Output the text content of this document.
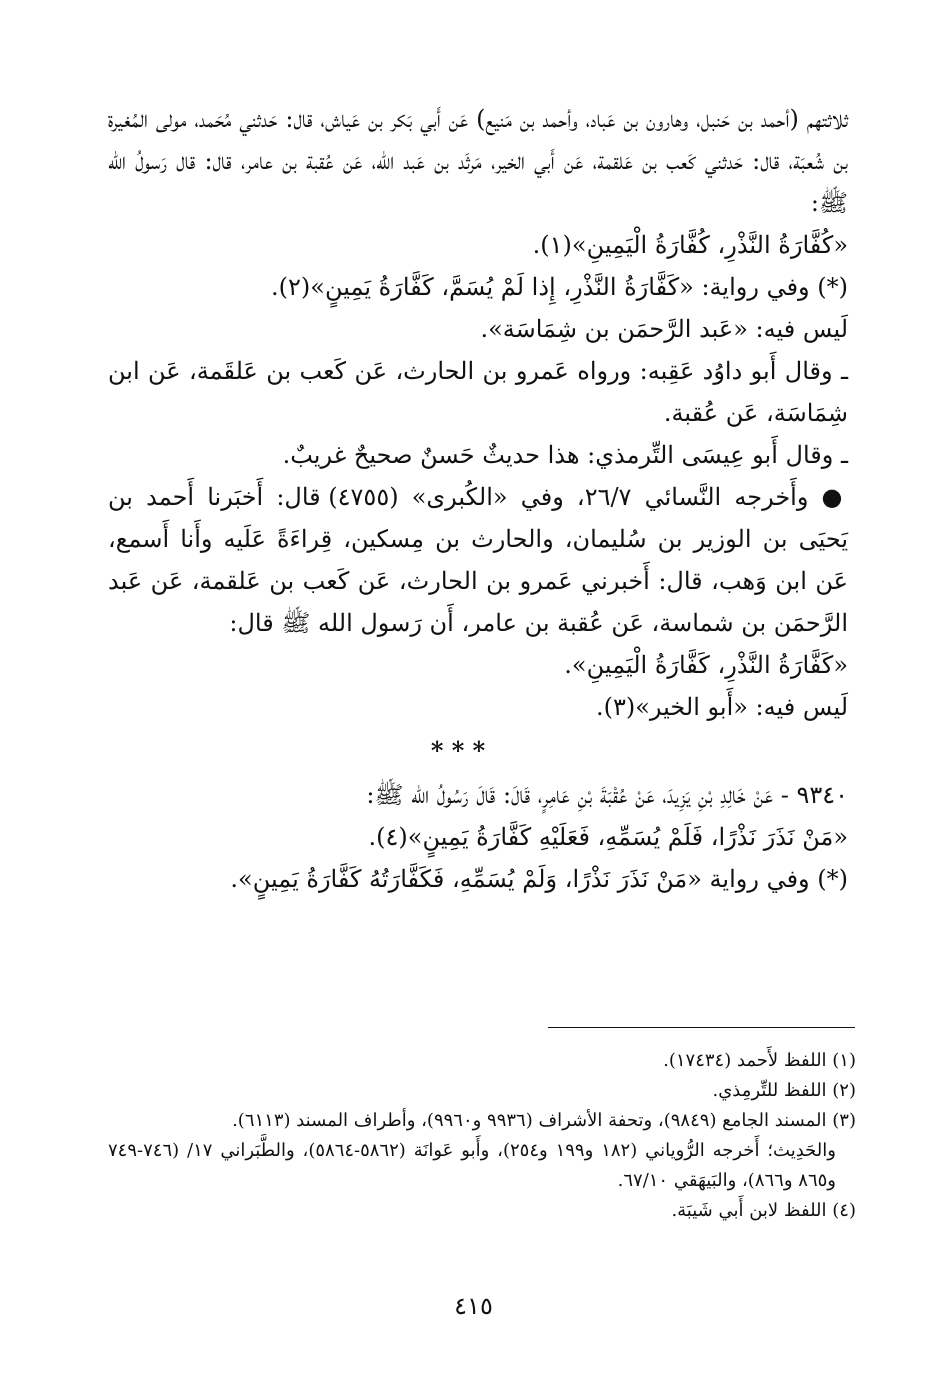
ثلاثتهم (أحمد بن حَنبل، وهارون بن عَباد، وأحمد بن مَنيع) عَن أَبي بَكر بن عَياش، قال: حَدثني مُحَمد، مولى المُغيرة بن شُعبَة، قال: حَدثني كَعب بن عَلقمة، عَن أَبي الخير، مَرثَد بن عَبد الله، عَن عُقبة بن عامر، قال: قال رَسولُ الله ﷺ:

«كُفَّارَةُ النَّذْرِ، كُفَّارَةُ الْيَمِينِ»(١).

(*) وفي رواية: «كَفَّارَةُ النَّذْرِ، إِذا لَمْ يُسَمَّ، كَفَّارَةُ يَمِينٍ»(٢).

لَيس فيه: «عَبد الرَّحمَن بن شِمَاسَة».

ـ وقال أَبو داوُد عَقِبه: ورواه عَمرو بن الحارث، عَن كَعب بن عَلقَمة، عَن ابن شِمَاسَة، عَن عُقبة.

ـ وقال أَبو عِيسَى التِّرمذي: هذا حديثٌ حَسنٌ صحيحٌ غريبٌ.

● وأَخرجه النَّسائي ٢٦/٧، وفي «الكُبرى» (٤٧٥٥) قال: أَخبَرنا أَحمد بن يَحيَى بن الوزير بن سُليمان، والحارث بن مِسكين، قِراءَةً عَلَيه وأَنا أَسمع، عَن ابن وَهب، قال: أَخبرني عَمرو بن الحارث، عَن كَعب بن عَلقمة، عَن عَبد الرَّحمَن بن شماسة، عَن عُقبة بن عامر، أَن رَسول الله ﷺ قال:

«كَفَّارَةُ النَّذْرِ، كَفَّارَةُ الْيَمِينِ».

لَيس فيه: «أَبو الخير»(٣).

* * *

٩٣٤٠ - عَنْ خَالِدِ بْنِ يَزِيدَ، عَنْ عُقْبَةَ بْنِ عَامِرٍ، قَالَ: قَالَ رَسُولُ الله ﷺ:

«مَنْ نَذَرَ نَذْرًا، فَلَمْ يُسَمِّهِ، فَعَلَيْهِ كَفَّارَةُ يَمِينٍ»(٤).

(*) وفي رواية «مَنْ نَذَرَ نَذْرًا، وَلَمْ يُسَمِّهِ، فَكَفَّارَتُهُ كَفَّارَةُ يَمِينٍ».

(١) اللفظ لأَحمد (١٧٤٣٤).

(٢) اللفظ للتِّرمِذي.

(٣) المسند الجامع (٩٨٤٩)، وتحفة الأشراف (٩٩٣٦ و٩٩٦٠)، وأطراف المسند (٦١١٣).

والحَدِيث؛ أَخرجه الرُّوياني (١٨٢ و١٩٩ و٢٥٤)، وأَبو عَوانَة (٥٨٦٢-٥٨٦٤)، والطَّبَراني ١٧/ (٧٤٦-٧٤٩ و٨٦٥ و٨٦٦)، والبَيهَقي ٦٧/١٠.

(٤) اللفظ لابن أَبي شَيبَة.

٤١٥
